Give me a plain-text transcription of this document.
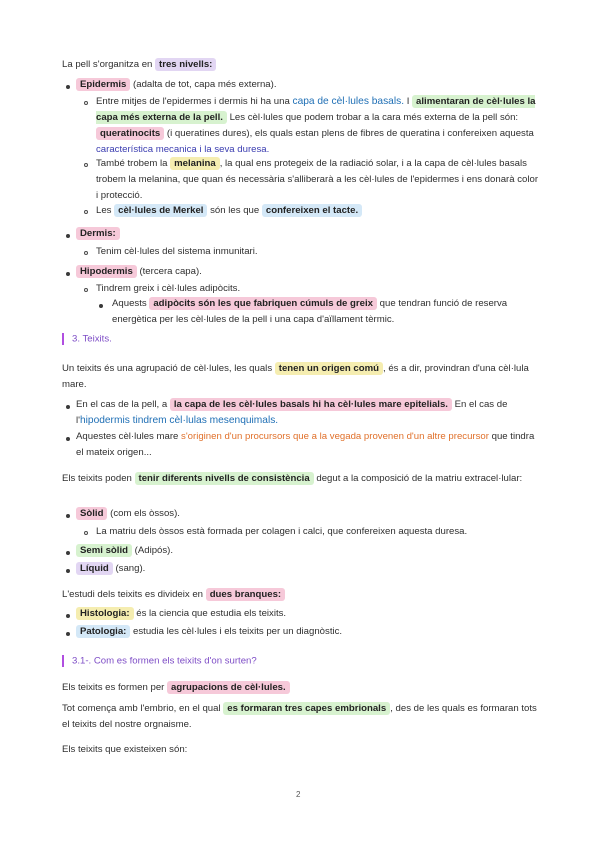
La pell s'organitza en tres nivells:

Epidermis (adalta de tot, capa més externa).

Entre mitjes de l'epidermes i dermis hi ha una capa de cèl·lules basals. I alimentaran de cèl·lules la capa més externa de la pell. Les cèl·lules que podem trobar a la cara més externa de la pell són: queratinocits (i queratines dures), els quals estan plens de fibres de queratina i confereixen aquesta característica mecanica i la seva duresa.

També trobem la melanina , la qual ens protegeix de la radiació solar, i a la capa de cèl·lules basals trobem la melanina, que quan és necessària s'alliberarà a les cèl·lules de l'epidermes i ens donarà color i protecció.

Les cèl·lules de Merkel són les que confereixen el tacte.

Dermis:

Tenim cèl·lules del sistema inmunitari.

Hipodermis (tercera capa).

Tindrem greix i cèl·lules adipòcits.

Aquests adipòcits són les que fabriquen cúmuls de greix que tendran funció de reserva energètica per les cèl·lules de la pell i una capa d'aïllament tèrmic.

3. Teixits.

Un teixits és una agrupació de cèl·lules, les quals tenen un origen comú , és a dir, provindran d'una cèl·lula mare.

En el cas de la pell, a la capa de les cèl·lules basals hi ha cèl·lules mare epitelials. En el cas de l'hipodermis tindrem cèl·lulas mesenquimals.

Aquestes cèl·lules mare s'originen d'un procursors que a la vegada provenen d'un altre precursor que tindra el mateix origen...

Els teixits poden tenir diferents nivells de consistència degut a la composició de la matriu extracel·lular:

Sòlid (com els òssos).

La matriu dels òssos està formada per colagen i calci, que confereixen aquesta duresa.

Semi sòlid (Adipós).

Líquid (sang).

L'estudi dels teixits es divideix en dues branques:

Histologia: és la ciencia que estudia els teixits.

Patologia: estudia les cèl·lules i els teixits per un diagnòstic.

3.1-. Com es formen els teixits d'on surten?

Els teixits es formen per agrupacions de cèl·lules.

Tot comença amb l'embrio, en el qual es formaran tres capes embrionals , des de les quals es formaran tots el teixits del nostre orgnaisme.

Els teixits que existeixen són:

2
